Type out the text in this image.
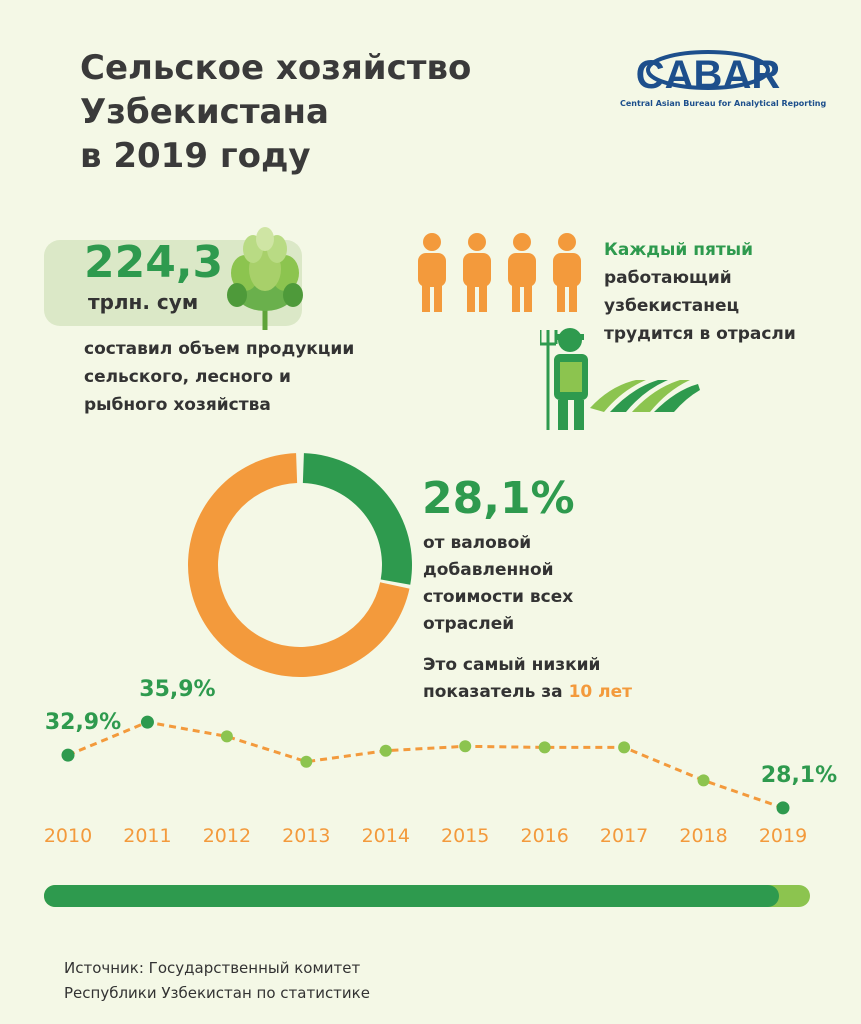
Сельское хозяйство
Узбекистана
в 2019 году
CABAR
Central Asian Bureau for Analytical Reporting
224,3
трлн. сум
составил объем продукции
сельского, лесного и
рыбного хозяйства
Каждый пятый
работающий
узбекистанец
трудится в отрасли
28,1%
от валовой
добавленной
стоимости всех
отраслей
Это самый низкий
показатель за 10 лет
32,9%
2010
35,9%
2011 2012 2013 2014 2015 2016 2017 2018
28,1%
2019
Источник: Государственный комитет
Республики Узбекистан по статистике
